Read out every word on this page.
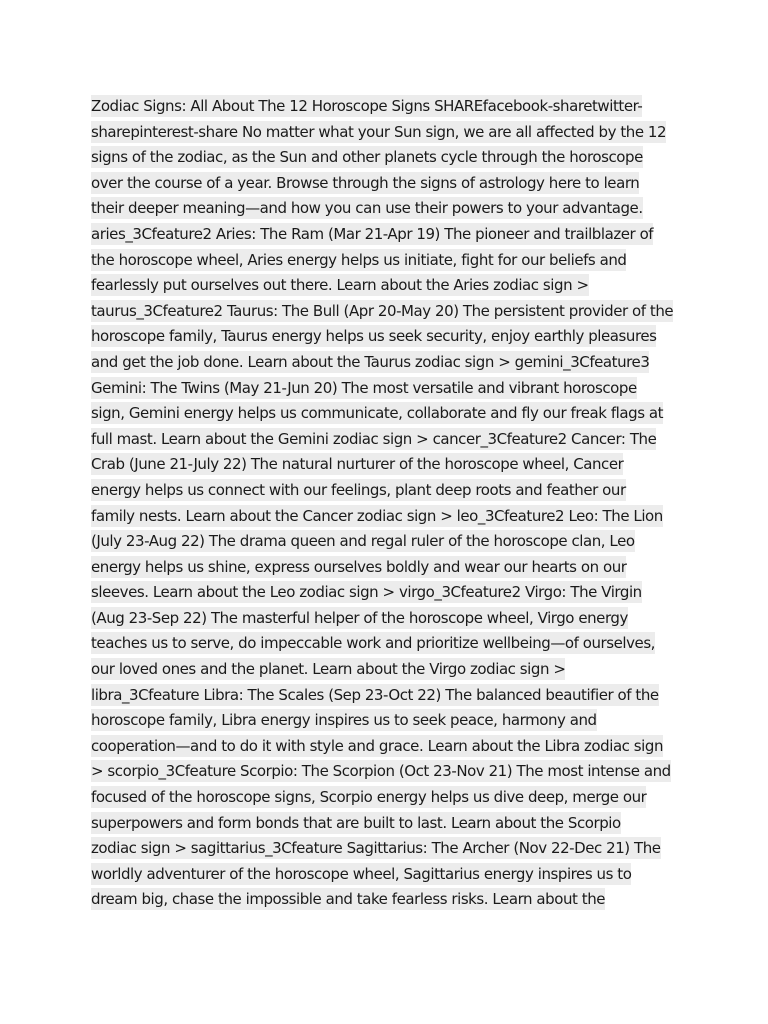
Zodiac Signs: All About The 12 Horoscope Signs SHAREfacebook-sharetwitter-
sharepinterest-share No matter what your Sun sign, we are all affected by the 12
signs of the zodiac, as the Sun and other planets cycle through the horoscope
over the course of a year. Browse through the signs of astrology here to learn
their deeper meaning—and how you can use their powers to your advantage.
aries_3Cfeature2 Aries: The Ram (Mar 21-Apr 19) The pioneer and trailblazer of
the horoscope wheel, Aries energy helps us initiate, fight for our beliefs and
fearlessly put ourselves out there. Learn about the Aries zodiac sign >
taurus_3Cfeature2 Taurus: The Bull (Apr 20-May 20) The persistent provider of the
horoscope family, Taurus energy helps us seek security, enjoy earthly pleasures
and get the job done. Learn about the Taurus zodiac sign > gemini_3Cfeature3
Gemini: The Twins (May 21-Jun 20) The most versatile and vibrant horoscope
sign, Gemini energy helps us communicate, collaborate and fly our freak flags at
full mast. Learn about the Gemini zodiac sign > cancer_3Cfeature2 Cancer: The
Crab (June 21-July 22) The natural nurturer of the horoscope wheel, Cancer
energy helps us connect with our feelings, plant deep roots and feather our
family nests. Learn about the Cancer zodiac sign > leo_3Cfeature2 Leo: The Lion
(July 23-Aug 22) The drama queen and regal ruler of the horoscope clan, Leo
energy helps us shine, express ourselves boldly and wear our hearts on our
sleeves. Learn about the Leo zodiac sign > virgo_3Cfeature2 Virgo: The Virgin
(Aug 23-Sep 22) The masterful helper of the horoscope wheel, Virgo energy
teaches us to serve, do impeccable work and prioritize wellbeing—of ourselves,
our loved ones and the planet. Learn about the Virgo zodiac sign >
libra_3Cfeature Libra: The Scales (Sep 23-Oct 22) The balanced beautifier of the
horoscope family, Libra energy inspires us to seek peace, harmony and
cooperation—and to do it with style and grace. Learn about the Libra zodiac sign
> scorpio_3Cfeature Scorpio: The Scorpion (Oct 23-Nov 21) The most intense and
focused of the horoscope signs, Scorpio energy helps us dive deep, merge our
superpowers and form bonds that are built to last. Learn about the Scorpio
zodiac sign > sagittarius_3Cfeature Sagittarius: The Archer (Nov 22-Dec 21) The
worldly adventurer of the horoscope wheel, Sagittarius energy inspires us to
dream big, chase the impossible and take fearless risks. Learn about the
